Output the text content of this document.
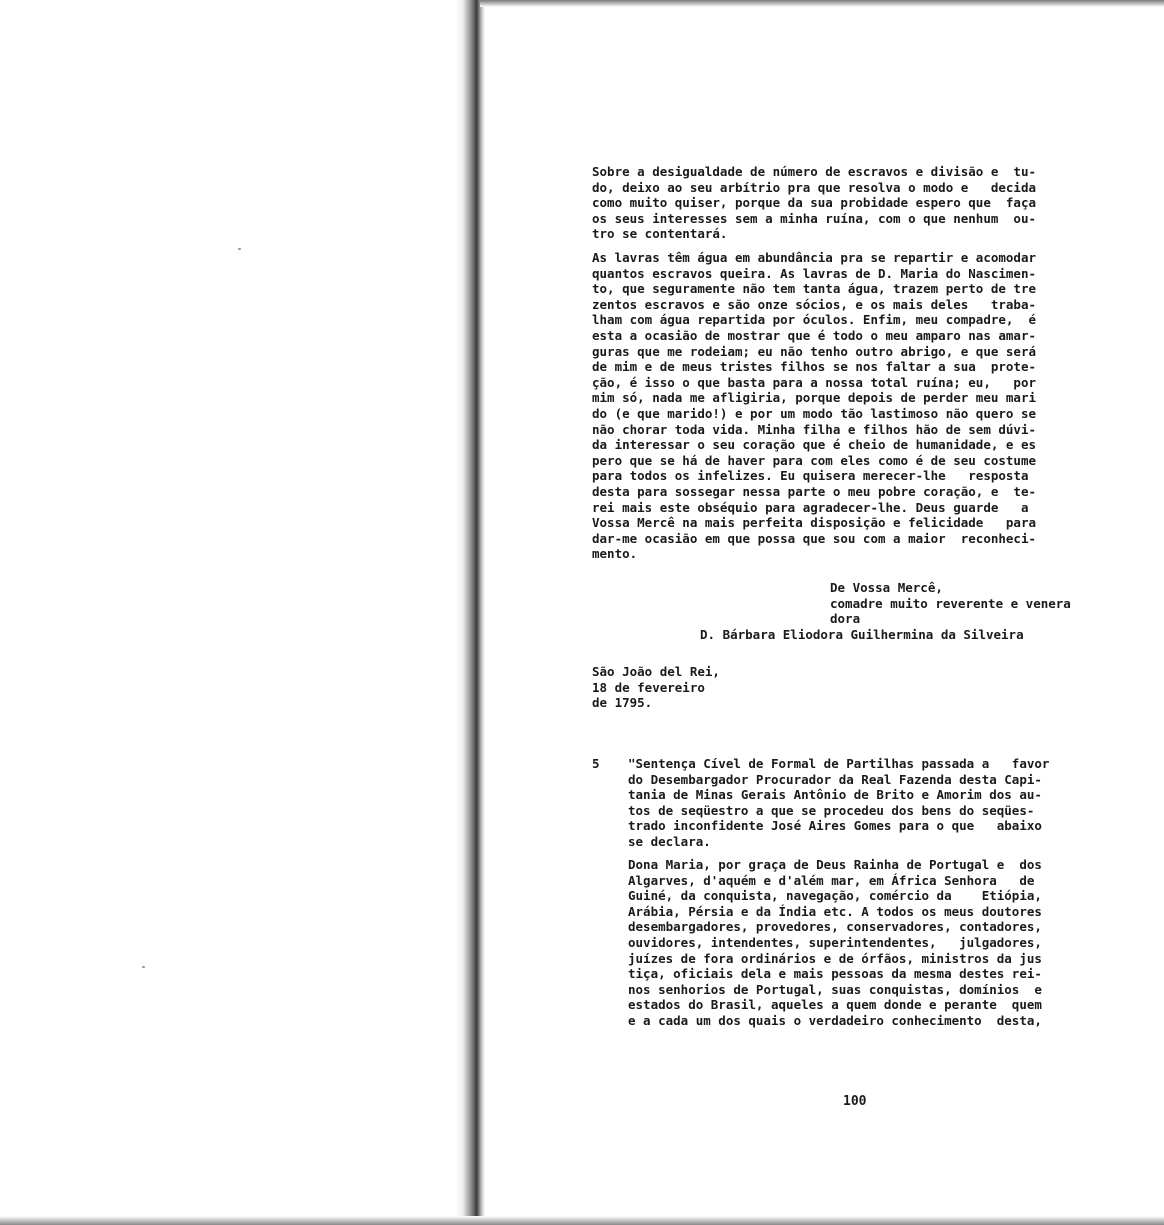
Sobre a desigualdade de número de escravos e divisão e  tu-
do, deixo ao seu arbítrio pra que resolva o modo e   decida
como muito quiser, porque da sua probidade espero que  faça
os seus interesses sem a minha ruína, com o que nenhum  ou-
tro se contentará.
As lavras têm água em abundância pra se repartir e acomodar
quantos escravos queira. As lavras de D. Maria do Nascimen-
to, que seguramente não tem tanta água, trazem perto de tre
zentos escravos e são onze sócios, e os mais deles   traba-
lham com água repartida por óculos. Enfim, meu compadre,  é
esta a ocasião de mostrar que é todo o meu amparo nas amar-
guras que me rodeiam; eu não tenho outro abrigo, e que será
de mim e de meus tristes filhos se nos faltar a sua  prote-
ção, é isso o que basta para a nossa total ruína; eu,   por
mim só, nada me afligiria, porque depois de perder meu mari
do (e que marido!) e por um modo tão lastimoso não quero se
não chorar toda vida. Minha filha e filhos hão de sem dúvi-
da interessar o seu coração que é cheio de humanidade, e es
pero que se há de haver para com eles como é de seu costume
para todos os infelizes. Eu quisera merecer-lhe   resposta
desta para sossegar nessa parte o meu pobre coração, e  te-
rei mais este obséquio para agradecer-lhe. Deus guarde   a
Vossa Mercê na mais perfeita disposição e felicidade   para
dar-me ocasião em que possa que sou com a maior  reconheci-
mento.
De Vossa Mercê,
comadre muito reverente e venera
dora
D. Bárbara Eliodora Guilhermina da Silveira
São João del Rei,
18 de fevereiro
de 1795.
5 "Sentença Cível de Formal de Partilhas passada a   favor
do Desembargador Procurador da Real Fazenda desta Capi-
tania de Minas Gerais Antônio de Brito e Amorim dos au-
tos de seqüestro a que se procedeu dos bens do seqües-
trado inconfidente José Aires Gomes para o que   abaixo
se declara.
Dona Maria, por graça de Deus Rainha de Portugal e  dos
Algarves, d'aquém e d'além mar, em África Senhora   de
Guiné, da conquista, navegação, comércio da    Etiópia,
Arábia, Pérsia e da Índia etc. A todos os meus doutores
desembargadores, provedores, conservadores, contadores,
ouvidores, intendentes, superintendentes,   julgadores,
juízes de fora ordinários e de órfãos, ministros da jus
tiça, oficiais dela e mais pessoas da mesma destes rei-
nos senhorios de Portugal, suas conquistas, domínios  e
estados do Brasil, aqueles a quem donde e perante  quem
e a cada um dos quais o verdadeiro conhecimento  desta,
100
